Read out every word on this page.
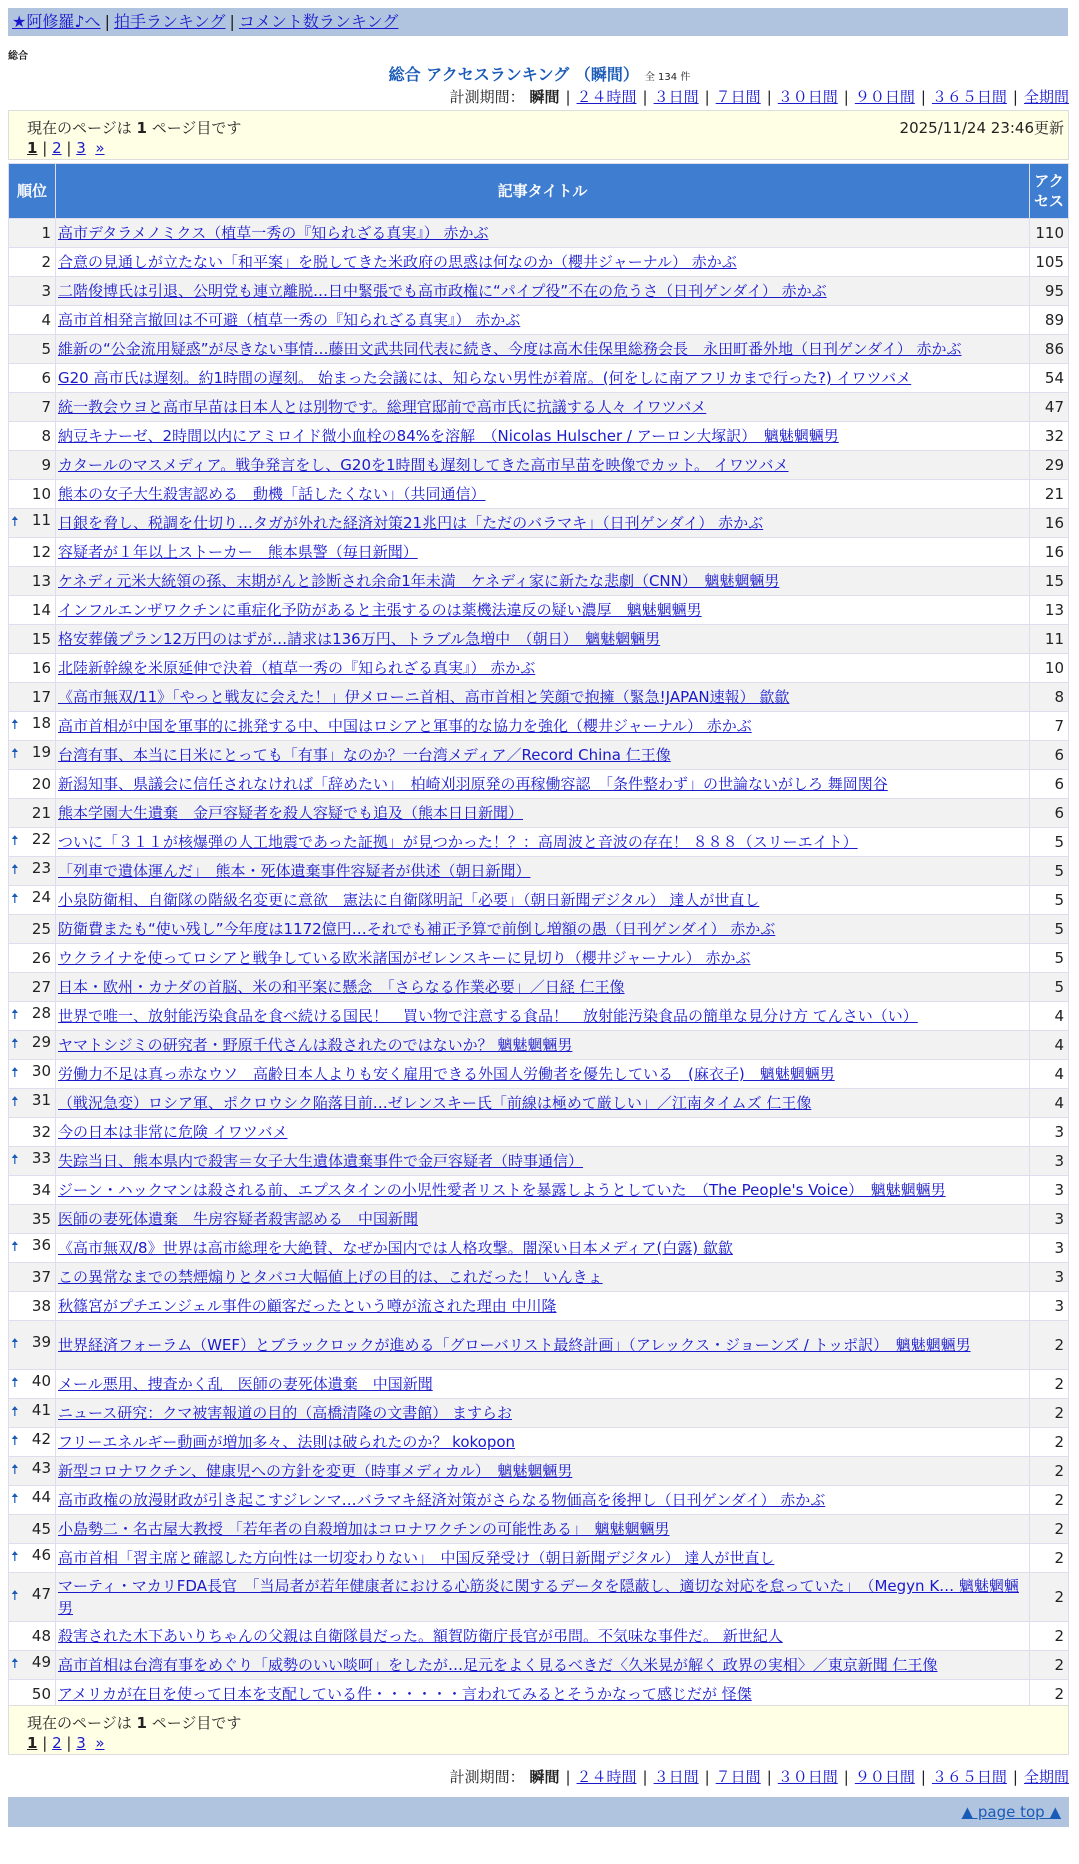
★阿修羅♪へ | 拍手ランキング | コメント数ランキング
総合
総合 アクセスランキング （瞬間） 全 134 件
計測期間： 瞬間 | ２４時間 | ３日間 | ７日間 | ３０日間 | ９０日間 | ３６５日間 | 全期間
現在のページは 1 ページ目です	2025/11/24 23:46更新
1 | 2 | 3 »
順位	記事タイトル	アクセス
1	高市デタラメノミクス（植草一秀の『知られざる真実』） 赤かぶ	110
2	合意の見通しが立たない「和平案」を脱してきた米政府の思惑は何なのか（櫻井ジャーナル） 赤かぶ	105
3	二階俊博氏は引退、公明党も連立離脱…日中緊張でも高市政権に“パイプ役”不在の危うさ（日刊ゲンダイ） 赤かぶ	95
4	高市首相発言撤回は不可避（植草一秀の『知られざる真実』） 赤かぶ	89
5	維新の“公金流用疑惑”が尽きない事情…藤田文武共同代表に続き、今度は高木佳保里総務会長　永田町番外地（日刊ゲンダイ） 赤かぶ	86
6	G20 高市氏は遅刻。約1時間の遅刻。 始まった会議には、知らない男性が着席。(何をしに南アフリカまで行った?) イワツバメ	54
7	統一教会ウヨと高市早苗は日本人とは別物です。総理官邸前で高市氏に抗議する人々 イワツバメ	47
8	納豆キナーゼ、2時間以内にアミロイド微小血栓の84%を溶解　（Nicolas Hulscher / アーロン大塚訳）　魑魅魍魎男	32
9	カタールのマスメディア。戦争発言をし、G20を1時間も遅刻してきた高市早苗を映像でカット。 イワツバメ	29
10	熊本の女子大生殺害認める　動機「話したくない」（共同通信）	21

🠅 11	日銀を脅し、税調を仕切り…タガが外れた経済対策21兆円は「ただのバラマキ」（日刊ゲンダイ） 赤かぶ	16
12	容疑者が１年以上ストーカー　熊本県警（毎日新聞）	16
13	ケネディ元米大統領の孫、末期がんと診断され余命1年未満　ケネディ家に新たな悲劇（CNN）　魑魅魍魎男	15
14	インフルエンザワクチンに重症化予防があると主張するのは薬機法違反の疑い濃厚　魑魅魍魎男	13
15	格安葬儀プラン12万円のはずが…請求は136万円、トラブル急増中　（朝日）　魑魅魍魎男	11
16	北陸新幹線を米原延伸で決着（植草一秀の『知られざる真実』） 赤かぶ	10
17	《高市無双/11》「やっと戦友に会えた！」伊メローニ首相、高市首相と笑顔で抱擁（緊急!JAPAN速報） 歙歙	8

🠅 18	高市首相が中国を軍事的に挑発する中、中国はロシアと軍事的な協力を強化（櫻井ジャーナル） 赤かぶ	7

🠅 19	台湾有事、本当に日米にとっても「有事」なのか？一台湾メディア／Record China 仁王像	6
20	新潟知事、県議会に信任されなければ「辞めたい」　柏崎刈羽原発の再稼働容認　「条件整わず」の世論ないがしろ 舞岡関谷	6
21	熊本学園大生遺棄　金戸容疑者を殺人容疑でも追及（熊本日日新聞）	6

🠅 22	ついに「３１１が核爆弾の人工地震であった証拠」が見つかった！？：高周波と音波の存在！ ８８８（スリーエイト）	5

🠅 23	「列車で遺体運んだ」　熊本・死体遺棄事件容疑者が供述（朝日新聞）	5

🠅 24	小泉防衛相、自衛隊の階級名変更に意欲　憲法に自衛隊明記「必要」（朝日新聞デジタル） 達人が世直し	5
25	防衛費またも“使い残し”今年度は1172億円…それでも補正予算で前倒し増額の愚（日刊ゲンダイ） 赤かぶ	5
26	ウクライナを使ってロシアと戦争している欧米諸国がゼレンスキーに見切り（櫻井ジャーナル） 赤かぶ	5
27	日本・欧州・カナダの首脳、米の和平案に懸念　「さらなる作業必要」／日経 仁王像	5

🠅 28	世界で唯一、放射能汚染食品を食べ続ける国民！　買い物で注意する食品！　放射能汚染食品の簡単な見分け方 てんさい（い）	4

🠅 29	ヤマトシジミの研究者・野原千代さんは殺されたのではないか？ 魑魅魍魎男	4

🠅 30	労働力不足は真っ赤なウソ　高齢日本人よりも安く雇用できる外国人労働者を優先している　(麻衣子)　魑魅魍魎男	4

🠅 31	（戦況急変）ロシア軍、ポクロウシク陥落目前…ゼレンスキー氏「前線は極めて厳しい」／江南タイムズ 仁王像	4
32	今の日本は非常に危険 イワツバメ	3

🠅 33	失踪当日、熊本県内で殺害＝女子大生遺体遺棄事件で金戸容疑者（時事通信）	3
34	ジーン・ハックマンは殺される前、エプスタインの小児性愛者リストを暴露しようとしていた　（The People's Voice）　魑魅魍魎男	3
35	医師の妻死体遺棄　牛房容疑者殺害認める　中国新聞	3

🠅 36	《高市無双/8》世界は高市総理を大絶賛、なぜか国内では人格攻撃。闇深い日本メディア(白露) 歙歙	3
37	この異常なまでの禁煙煽りとタバコ大幅値上げの目的は、これだった！ いんきょ	3
38	秋篠宮がプチエンジェル事件の顧客だったという噂が流された理由 中川隆	3

🠅 39	世界経済フォーラム（WEF）とブラックロックが進める「グローバリスト最終計画」（アレックス・ジョーンズ / トッポ訳）　魑魅魍魎男	2

🠅 40	メール悪用、捜査かく乱　医師の妻死体遺棄　中国新聞	2

🠅 41	ニュース研究：クマ被害報道の目的（高橋清隆の文書館） ますらお	2

🠅 42	フリーエネルギー動画が増加多々、法則は破られたのか？ kokopon	2

🠅 43	新型コロナワクチン、健康児への方針を変更（時事メディカル）　魑魅魍魎男	2

🠅 44	高市政権の放漫財政が引き起こすジレンマ…バラマキ経済対策がさらなる物価高を後押し（日刊ゲンダイ） 赤かぶ	2
45	小島勢二・名古屋大教授 「若年者の自殺増加はコロナワクチンの可能性ある」　魑魅魍魎男	2

🠅 46	高市首相「習主席と確認した方向性は一切変わりない」　中国反発受け（朝日新聞デジタル） 達人が世直し	2

🠅 47	マーティ・マカリFDA長官　「当局者が若年健康者における心筋炎に関するデータを隠蔽し、適切な対応を怠っていた」　（Megyn K… 魑魅魍魎男	2
48	殺害された木下あいりちゃんの父親は自衛隊員だった。額賀防衛庁長官が弔問。不気味な事件だ。 新世紀人	2

🠅 49	高市首相は台湾有事をめぐり「威勢のいい啖呵」をしたが…足元をよく見るべきだ〈久米晃が解く 政界の実相〉／東京新聞 仁王像	2
50	アメリカが在日を使って日本を支配している件・・・・・・言われてみるとそうかなって感じだが 怪傑	2
計測期間： 瞬間 | ２４時間 | ３日間 | ７日間 | ３０日間 | ９０日間 | ３６５日間 | 全期間
現在のページは 1 ページ目です
1 | 2 | 3 »
▲ page top ▲
